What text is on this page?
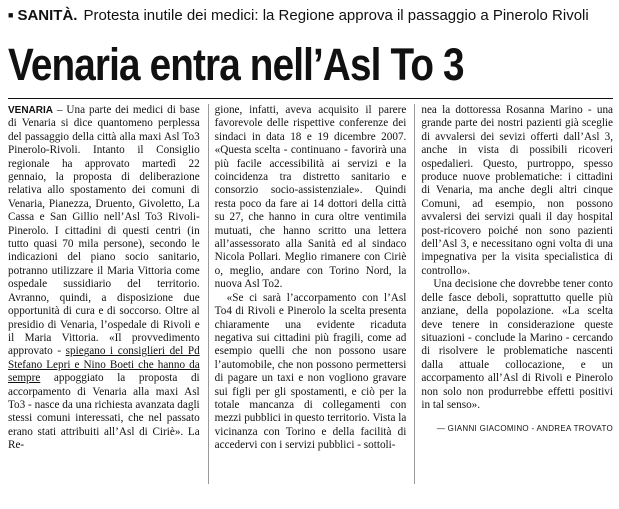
■ SANITÀ. Protesta inutile dei medici: la Regione approva il passaggio a Pinerolo Rivoli
Venaria entra nell’Asl To 3
VENARIA – Una parte dei medici di base di Venaria si dice quantomeno perplessa del passaggio della città alla maxi Asl To3 Pinerolo-Rivoli. Intanto il Consiglio regionale ha approvato martedì 22 gennaio, la proposta di deliberazione relativa allo spostamento dei comuni di Venaria, Pianezza, Druento, Givoletto, La Cassa e San Gillio nell’Asl To3 Rivoli-Pinerolo. I cittadini di questi centri (in tutto quasi 70 mila persone), secondo le indicazioni del piano socio sanitario, potranno utilizzare il Maria Vittoria come ospedale sussidiario del territorio. Avranno, quindi, a disposizione due opportunità di cura e di soccorso. Oltre al presidio di Venaria, l’ospedale di Rivoli e il Maria Vittoria. «Il provvedimento approvato - spiegano i consiglieri del Pd Stefano Lepri e Nino Boeti che hanno da sempre appoggiato la proposta di accorpamento di Venaria alla maxi Asl To3 - nasce da una richiesta avanzata dagli stessi comuni interessati, che nel passato erano stati attribuiti all’Asl di Ciriè». La Re-
gione, infatti, aveva acquisito il parere favorevole delle rispettive conferenze dei sindaci in data 18 e 19 dicembre 2007. «Questa scelta - continuano - favorirà una più facile accessibilità ai servizi e la coincidenza tra distretto sanitario e consorzio socio-assistenziale». Quindi resta poco da fare ai 14 dottori della città su 27, che hanno in cura oltre ventimila mutuati, che hanno scritto una lettera all’assessorato alla Sanità ed al sindaco Nicola Pollari. Meglio rimanere con Ciriè o, meglio, andare con Torino Nord, la nuova Asl To2.
«Se ci sarà l’accorpamento con l’Asl To4 di Rivoli e Pinerolo la scelta presenta chiaramente una evidente ricaduta negativa sui cittadini più fragili, come ad esempio quelli che non possono usare l’automobile, che non possono permettersi di pagare un taxi e non vogliono gravare sui figli per gli spostamenti, e ciò per la totale mancanza di collegamenti con mezzi pubblici in questo territorio. Vista la vicinanza con Torino e della facilità di accedervi con i servizi pubblici - sottoli-
nea la dottoressa Rosanna Marino - una grande parte dei nostri pazienti già sceglie di avvalersi dei sevizi offerti dall’Asl 3, anche in vista di possibili ricoveri ospedalieri. Questo, purtroppo, spesso produce nuove problematiche: i cittadini di Venaria, ma anche degli altri cinque Comuni, ad esempio, non possono avvalersi dei servizi quali il day hospital post-ricovero poiché non sono pazienti dell’Asl 3, e necessitano ogni volta di una impegnativa per la visita specialistica di controllo».
Una decisione che dovrebbe tener conto delle fasce deboli, soprattutto quelle più anziane, della popolazione. «La scelta deve tenere in considerazione queste situazioni - conclude la Marino - cercando di risolvere le problematiche nascenti dalla attuale collocazione, e un accorpamento all’Asl di Rivoli e Pinerolo non solo non produrrebbe effetti positivi in tal senso».
— GIANNI GIACOMINO - ANDREA TROVATO
